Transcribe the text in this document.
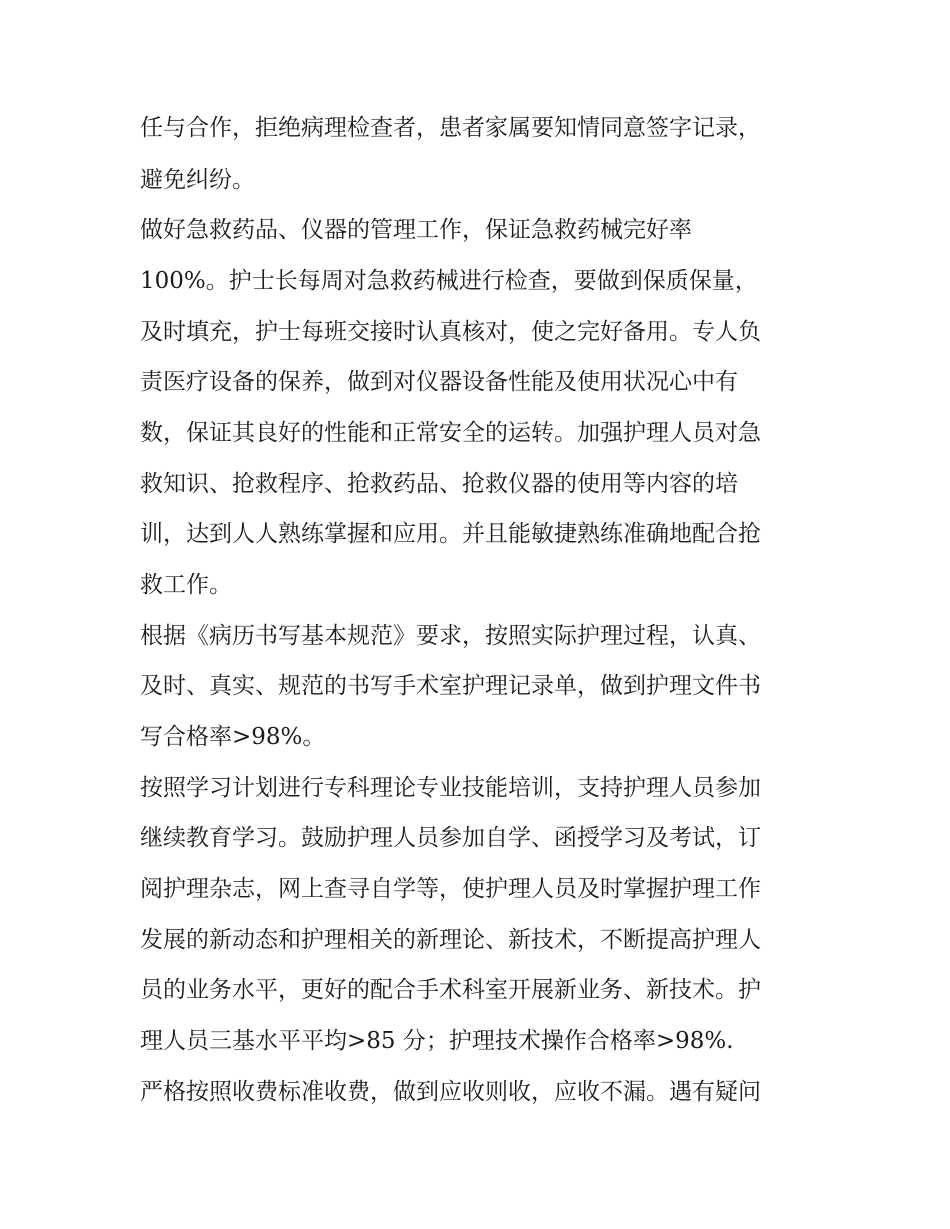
任与合作，拒绝病理检查者，患者家属要知情同意签字记录，
避免纠纷。
做好急救药品、仪器的管理工作，保证急救药械完好率
100%。护士长每周对急救药械进行检查，要做到保质保量，
及时填充，护士每班交接时认真核对，使之完好备用。专人负
责医疗设备的保养，做到对仪器设备性能及使用状况心中有
数，保证其良好的性能和正常安全的运转。加强护理人员对急
救知识、抢救程序、抢救药品、抢救仪器的使用等内容的培
训，达到人人熟练掌握和应用。并且能敏捷熟练准确地配合抢
救工作。
根据《病历书写基本规范》要求，按照实际护理过程，认真、
及时、真实、规范的书写手术室护理记录单，做到护理文件书
写合格率>98%。
按照学习计划进行专科理论专业技能培训，支持护理人员参加
继续教育学习。鼓励护理人员参加自学、函授学习及考试，订
阅护理杂志，网上查寻自学等，使护理人员及时掌握护理工作
发展的新动态和护理相关的新理论、新技术，不断提高护理人
员的业务水平，更好的配合手术科室开展新业务、新技术。护
理人员三基水平平均>85 分；护理技术操作合格率>98%.
严格按照收费标准收费，做到应收则收，应收不漏。遇有疑问
